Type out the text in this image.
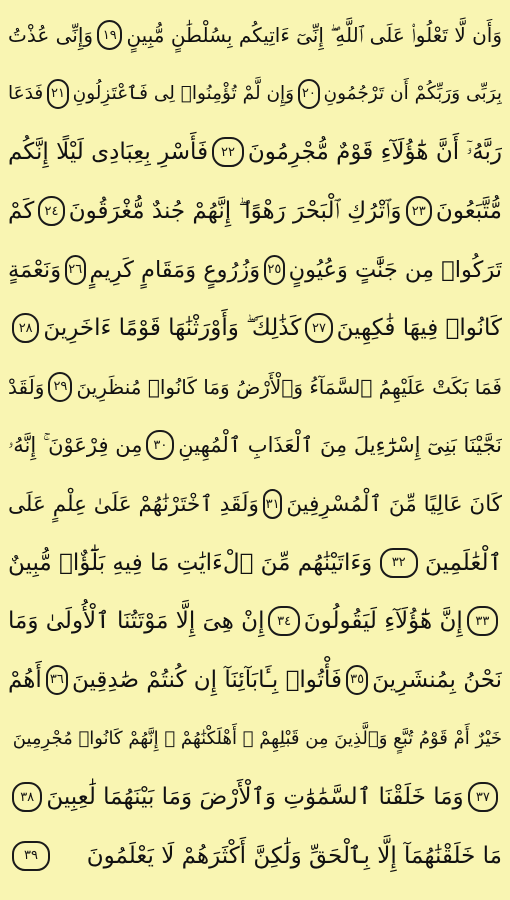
وَأَن لَّا تَعْلُوا۟ عَلَى ٱللَّهِ ۖ إِنِّىٓ ءَاتِيكُم بِسُلْطَٰنٍ مُّبِينٍ
١٩
وَإِنِّى عُذْتُ
بِرَبِّى وَرَبِّكُمْ أَن تَرْجُمُونِ
٢٠
وَإِن لَّمْ تُؤْمِنُوا۟ لِى فَٱعْتَزِلُونِ
٢١
فَدَعَا
رَبَّهُۥٓ أَنَّ هَٰٓؤُلَآءِ قَوْمٌ مُّجْرِمُونَ
٢٢
فَأَسْرِ بِعِبَادِى لَيْلًا إِنَّكُم
مُّتَّبَعُونَ
٢٣
وَٱتْرُكِ ٱلْبَحْرَ رَهْوًا ۖ إِنَّهُمْ جُندٌ مُّغْرَقُونَ
٢٤
كَمْ
تَرَكُوا۟ مِن جَنَّٰتٍ وَعُيُونٍ
٢٥
وَزُرُوعٍ وَمَقَامٍ كَرِيمٍ
٢٦
وَنَعْمَةٍ
كَانُوا۟ فِيهَا فَٰكِهِينَ
٢٧
كَذَٰلِكَ ۖ وَأَوْرَثْنَٰهَا قَوْمًا ءَاخَرِينَ
٢٨
فَمَا بَكَتْ عَلَيْهِمُ ٱلسَّمَآءُ وَٱلْأَرْضُ وَمَا كَانُوا۟ مُنظَرِينَ
٢٩
وَلَقَدْ
نَجَّيْنَا بَنِىٓ إِسْرَٰٓءِيلَ مِنَ ٱلْعَذَابِ ٱلْمُهِينِ
٣٠
مِن فِرْعَوْنَ ۚ إِنَّهُۥ
كَانَ عَالِيًا مِّنَ ٱلْمُسْرِفِينَ
٣١
وَلَقَدِ ٱخْتَرْنَٰهُمْ عَلَىٰ عِلْمٍ عَلَى
ٱلْعَٰلَمِينَ
٣٢
وَءَاتَيْنَٰهُم مِّنَ ٱلْءَايَٰتِ مَا فِيهِ بَلَٰٓؤٌا۟ مُّبِينٌ
٣٣
إِنَّ هَٰٓؤُلَآءِ لَيَقُولُونَ
٣٤
إِنْ هِىَ إِلَّا مَوْتَتُنَا ٱلْأُولَىٰ وَمَا
نَحْنُ بِمُنشَرِينَ
٣٥
فَأْتُوا۟ بِـَٔابَآئِنَآ إِن كُنتُمْ صَٰدِقِينَ
٣٦
أَهُمْ
خَيْرٌ أَمْ قَوْمُ تُبَّعٍ وَٱلَّذِينَ مِن قَبْلِهِمْ ۚ أَهْلَكْنَٰهُمْ ۖ إِنَّهُمْ كَانُوا۟ مُجْرِمِينَ
٣٧
وَمَا خَلَقْنَا ٱلسَّمَٰوَٰتِ وَٱلْأَرْضَ وَمَا بَيْنَهُمَا لَٰعِبِينَ
٣٨
مَا خَلَقْنَٰهُمَآ إِلَّا بِٱلْحَقِّ وَلَٰكِنَّ أَكْثَرَهُمْ لَا يَعْلَمُونَ
٣٩
